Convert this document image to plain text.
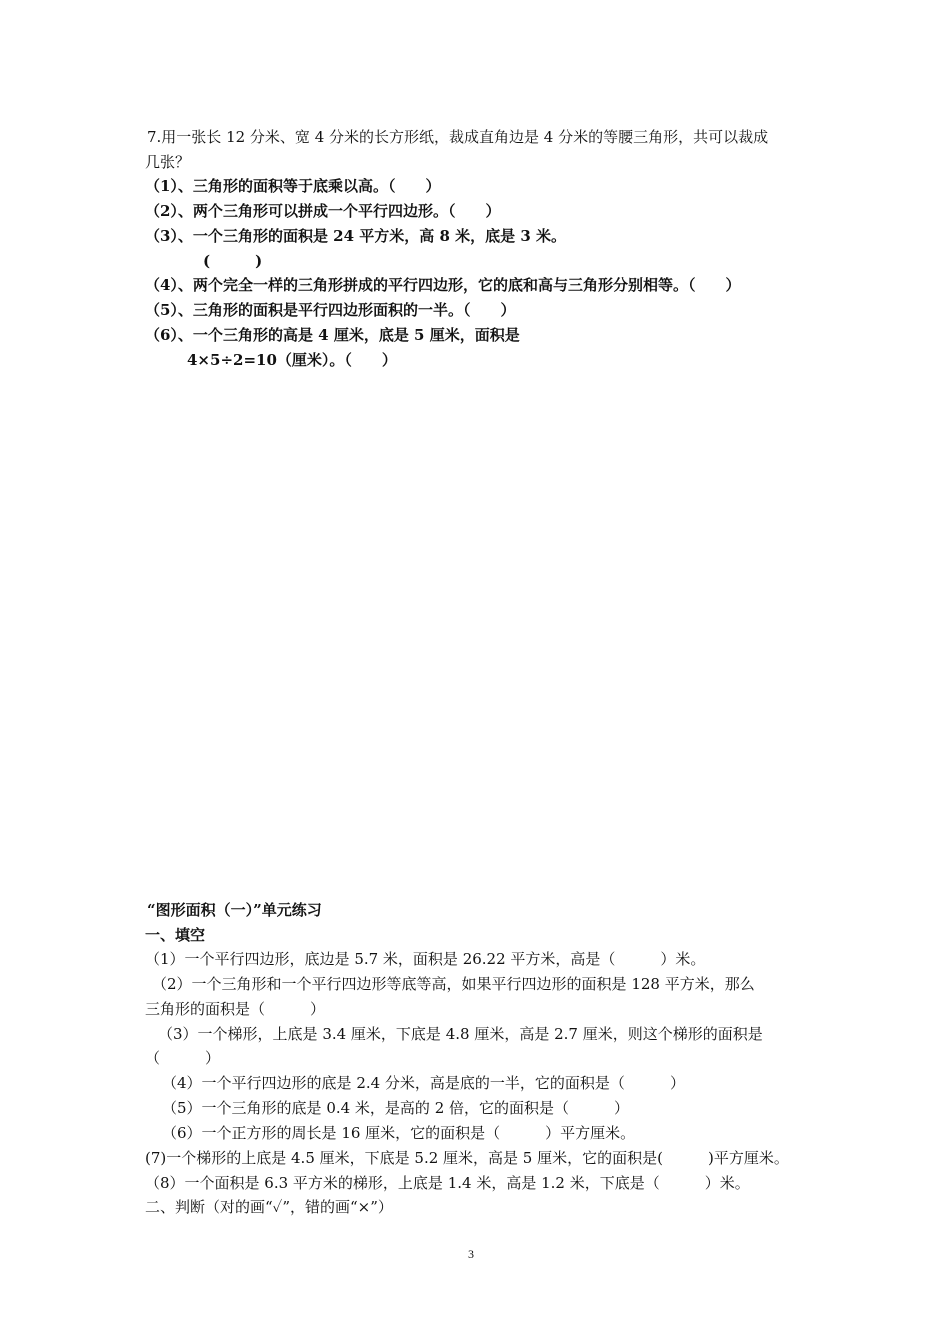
7.用一张长 12 分米、宽 4 分米的长方形纸，裁成直角边是 4 分米的等腰三角形，共可以裁成
几张？
（1）、三角形的面积等于底乘以高。（　　）
（2）、两个三角形可以拼成一个平行四边形。（　　）
（3）、一个三角形的面积是 24 平方米，高 8 米，底是 3 米。
(　　　)
（4）、两个完全一样的三角形拼成的平行四边形，它的底和高与三角形分别相等。（　　）
（5）、三角形的面积是平行四边形面积的一半。（　　）
（6）、一个三角形的高是 4 厘米，底是 5 厘米，面积是
4×5÷2=10（厘米）。（　　）
“图形面积（一）”单元练习
一、填空
（1）一个平行四边形，底边是 5.7 米，面积是 26.22 平方米，高是（　　　）米。
（2）一个三角形和一个平行四边形等底等高，如果平行四边形的面积是 128 平方米，那么
三角形的面积是（　　　）
（3）一个梯形，上底是 3.4 厘米，下底是 4.8 厘米，高是 2.7 厘米，则这个梯形的面积是
（　　　）
（4）一个平行四边形的底是 2.4 分米，高是底的一半，它的面积是（　　　）
（5）一个三角形的底是 0.4 米，是高的 2 倍，它的面积是（　　　）
（6）一个正方形的周长是 16 厘米，它的面积是（　　　）平方厘米。
(7)一个梯形的上底是 4.5 厘米，下底是 5.2 厘米，高是 5 厘米，它的面积是(　　　)平方厘米。
（8）一个面积是 6.3 平方米的梯形，上底是 1.4 米，高是 1.2 米，下底是（　　　）米。
二、判断（对的画“✓”，错的画“×”）
3
